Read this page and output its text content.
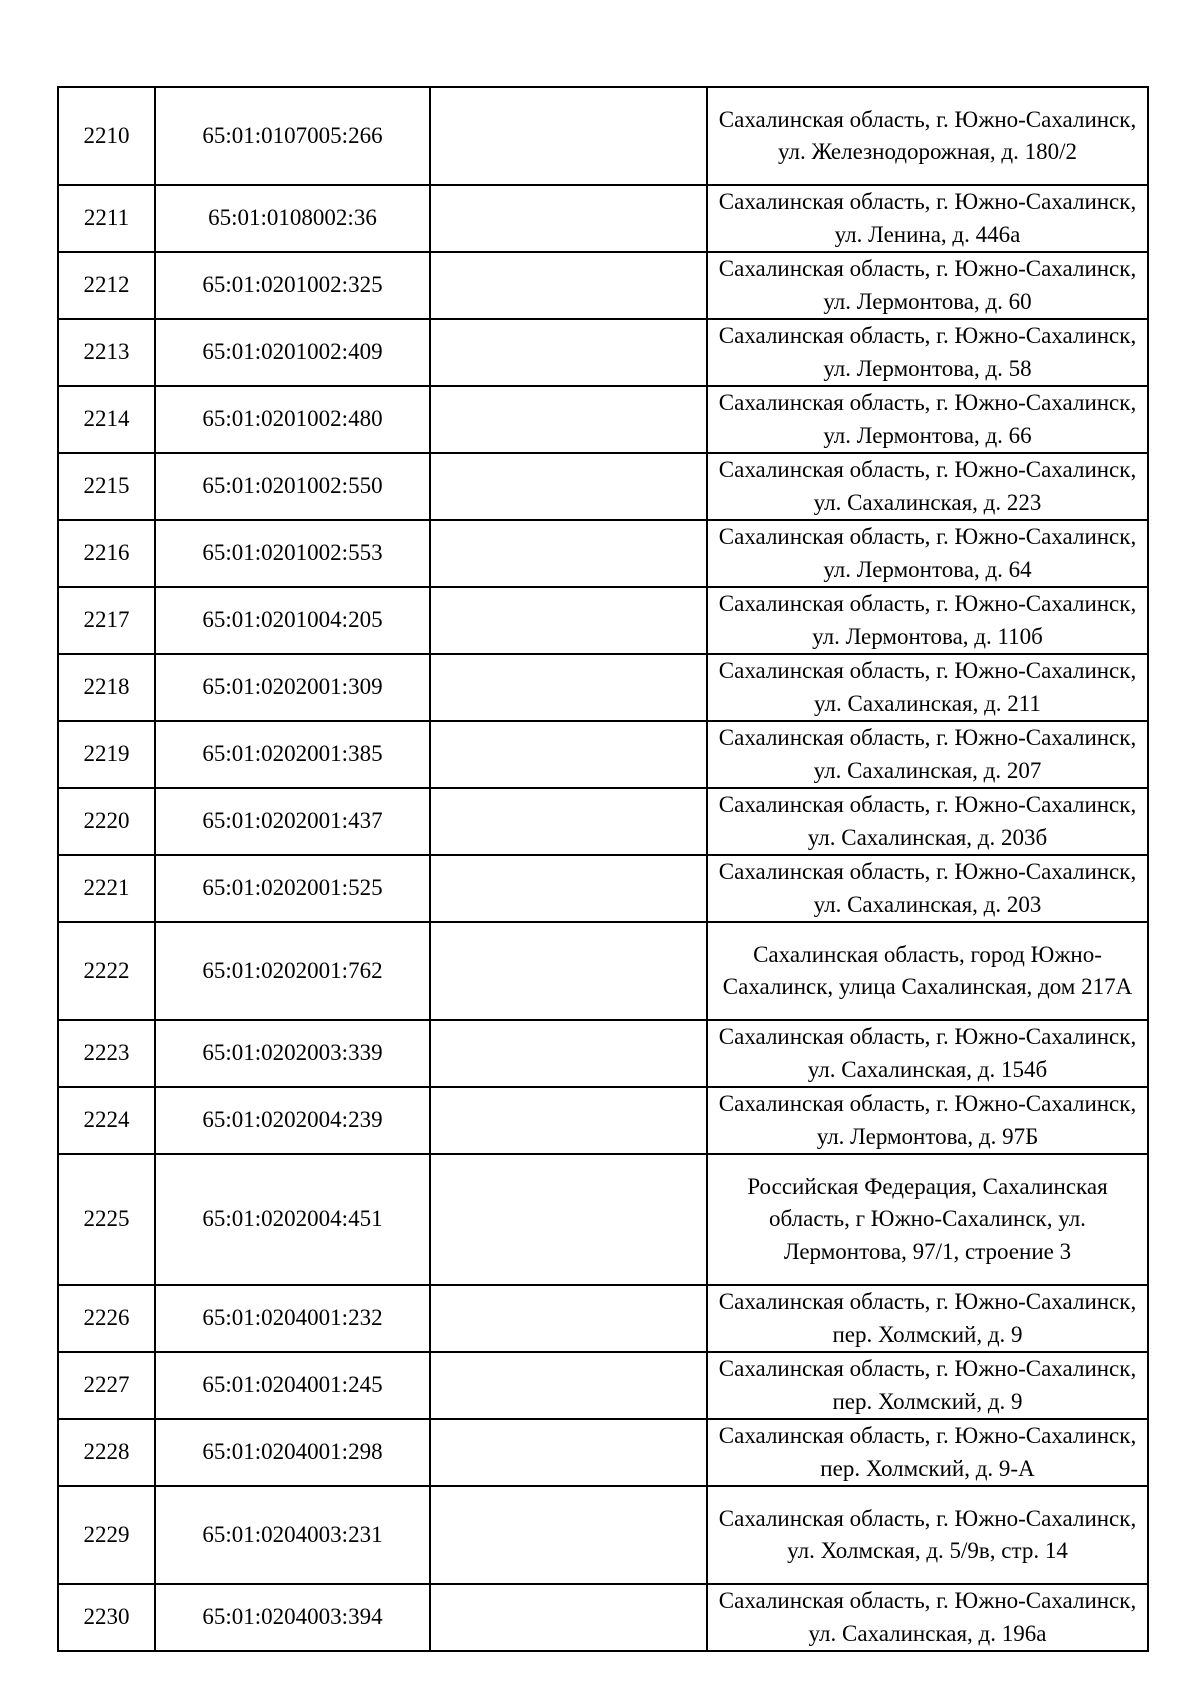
2210	65:01:0107005:266		Сахалинская область, г. Южно-Сахалинск, ул. Железнодорожная, д. 180/2
2211	65:01:0108002:36		Сахалинская область, г. Южно-Сахалинск, ул. Ленина, д. 446а
2212	65:01:0201002:325		Сахалинская область, г. Южно-Сахалинск, ул. Лермонтова, д. 60
2213	65:01:0201002:409		Сахалинская область, г. Южно-Сахалинск, ул. Лермонтова, д. 58
2214	65:01:0201002:480		Сахалинская область, г. Южно-Сахалинск, ул. Лермонтова, д. 66
2215	65:01:0201002:550		Сахалинская область, г. Южно-Сахалинск, ул. Сахалинская, д. 223
2216	65:01:0201002:553		Сахалинская область, г. Южно-Сахалинск, ул. Лермонтова, д. 64
2217	65:01:0201004:205		Сахалинская область, г. Южно-Сахалинск, ул. Лермонтова, д. 110б
2218	65:01:0202001:309		Сахалинская область, г. Южно-Сахалинск, ул. Сахалинская, д. 211
2219	65:01:0202001:385		Сахалинская область, г. Южно-Сахалинск, ул. Сахалинская, д. 207
2220	65:01:0202001:437		Сахалинская область, г. Южно-Сахалинск, ул. Сахалинская, д. 203б
2221	65:01:0202001:525		Сахалинская область, г. Южно-Сахалинск, ул. Сахалинская, д. 203
2222	65:01:0202001:762		Сахалинская область, город Южно-Сахалинск, улица Сахалинская, дом 217А
2223	65:01:0202003:339		Сахалинская область, г. Южно-Сахалинск, ул. Сахалинская, д. 154б
2224	65:01:0202004:239		Сахалинская область, г. Южно-Сахалинск, ул. Лермонтова, д. 97Б
2225	65:01:0202004:451		Российская Федерация, Сахалинская область, г Южно-Сахалинск, ул. Лермонтова, 97/1, строение 3
2226	65:01:0204001:232		Сахалинская область, г. Южно-Сахалинск, пер. Холмский, д. 9
2227	65:01:0204001:245		Сахалинская область, г. Южно-Сахалинск, пер. Холмский, д. 9
2228	65:01:0204001:298		Сахалинская область, г. Южно-Сахалинск, пер. Холмский, д. 9-А
2229	65:01:0204003:231		Сахалинская область, г. Южно-Сахалинск, ул. Холмская, д. 5/9в, стр. 14
2230	65:01:0204003:394		Сахалинская область, г. Южно-Сахалинск, ул. Сахалинская, д. 196а
